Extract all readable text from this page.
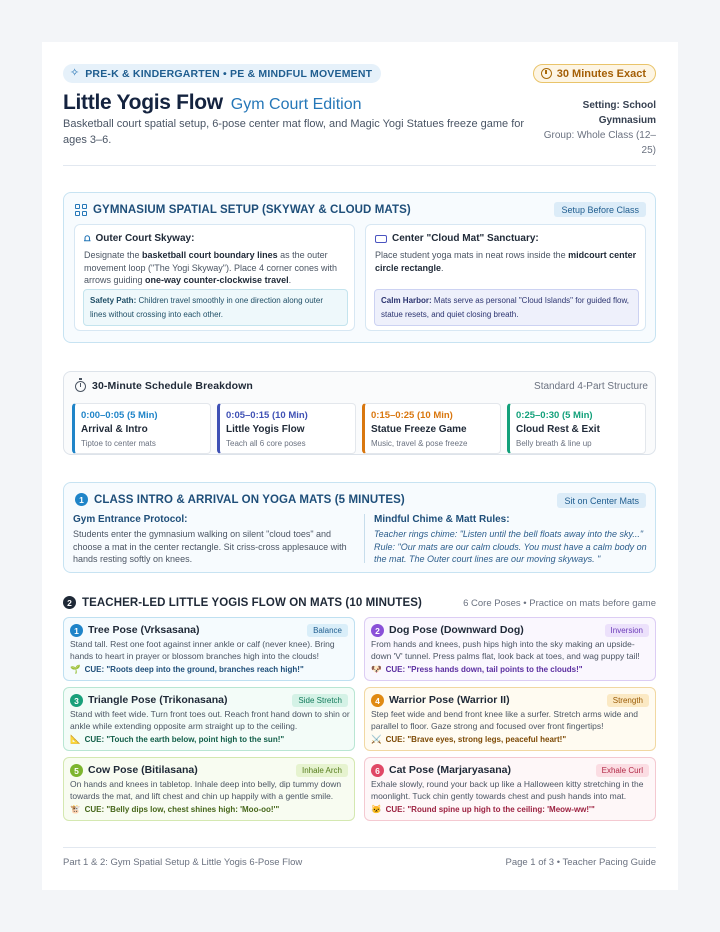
✧ PRE-K & KINDERGARTEN • PE & MINDFUL MOVEMENT	30 Minutes Exact
Little Yogis Flow Gym Court Edition
Basketball court spatial setup, 6-pose center mat flow, and Magic Yogi Statues freeze game for ages 3–6.
Setting: School Gymnasium
Group: Whole Class (12–25)
GYMNASIUM SPATIAL SETUP (SKYWAY & CLOUD MATS)	Setup Before Class
⩍ Outer Court Skyway:
Designate the basketball court boundary lines as the outer movement loop ("The Yogi Skyway"). Place 4 corner cones with arrows guiding one-way counter-clockwise travel.
Safety Path: Children travel smoothly in one direction along outer lines without crossing into each other.
Center "Cloud Mat" Sanctuary:
Place student yoga mats in neat rows inside the midcourt center circle rectangle.
Calm Harbor: Mats serve as personal "Cloud Islands" for guided flow, statue resets, and quiet closing breath.
30-Minute Schedule Breakdown	Standard 4-Part Structure
0:00–0:05 (5 Min)
Arrival & Intro
Tiptoe to center mats
0:05–0:15 (10 Min)
Little Yogis Flow
Teach all 6 core poses
0:15–0:25 (10 Min)
Statue Freeze Game
Music, travel & pose freeze
0:25–0:30 (5 Min)
Cloud Rest & Exit
Belly breath & line up
1 CLASS INTRO & ARRIVAL ON YOGA MATS (5 MINUTES)	Sit on Center Mats
Gym Entrance Protocol:
Students enter the gymnasium walking on silent "cloud toes" and choose a mat in the center rectangle. Sit criss-cross applesauce with hands resting softly on knees.
Mindful Chime & Matt Rules:
Teacher rings chime: "Listen until the bell floats away into the sky..." Rule: "Our mats are our calm clouds. You must have a calm body on the mat. The Outer court lines are our moving skyways. "
2 TEACHER-LED LITTLE YOGIS FLOW ON MATS (10 MINUTES)	6 Core Poses • Practice on mats before game
1 Tree Pose (Vrksasana)	Balance
Stand tall. Rest one foot against inner ankle or calf (never knee). Bring hands to heart in prayer or blossom branches high into the clouds!
🌱 CUE: "Roots deep into the ground, branches reach high!"
2 Dog Pose (Downward Dog)	Inversion
From hands and knees, push hips high into the sky making an upside-down 'V' tunnel. Press palms flat, look back at toes, and wag puppy tail!
🐶 CUE: "Press hands down, tail points to the clouds!"
3 Triangle Pose (Trikonasana)	Side Stretch
Stand with feet wide. Turn front toes out. Reach front hand down to shin or ankle while extending opposite arm straight up to the ceiling.
📐 CUE: "Touch the earth below, point high to the sun!"
4 Warrior Pose (Warrior II)	Strength
Step feet wide and bend front knee like a surfer. Stretch arms wide and parallel to floor. Gaze strong and focused over front fingertips!
⚔️ CUE: "Brave eyes, strong legs, peaceful heart!"
5 Cow Pose (Bitilasana)	Inhale Arch
On hands and knees in tabletop. Inhale deep into belly, dip tummy down towards the mat, and lift chest and chin up happily with a gentle smile.
🐮 CUE: "Belly dips low, chest shines high: 'Moo-oo!'"
6 Cat Pose (Marjaryasana)	Exhale Curl
Exhale slowly, round your back up like a Halloween kitty stretching in the moonlight. Tuck chin gently towards chest and push hands into mat.
🐱 CUE: "Round spine up high to the ceiling: 'Meow-ww!'"
Part 1 & 2: Gym Spatial Setup & Little Yogis 6-Pose Flow	Page 1 of 3 • Teacher Pacing Guide
